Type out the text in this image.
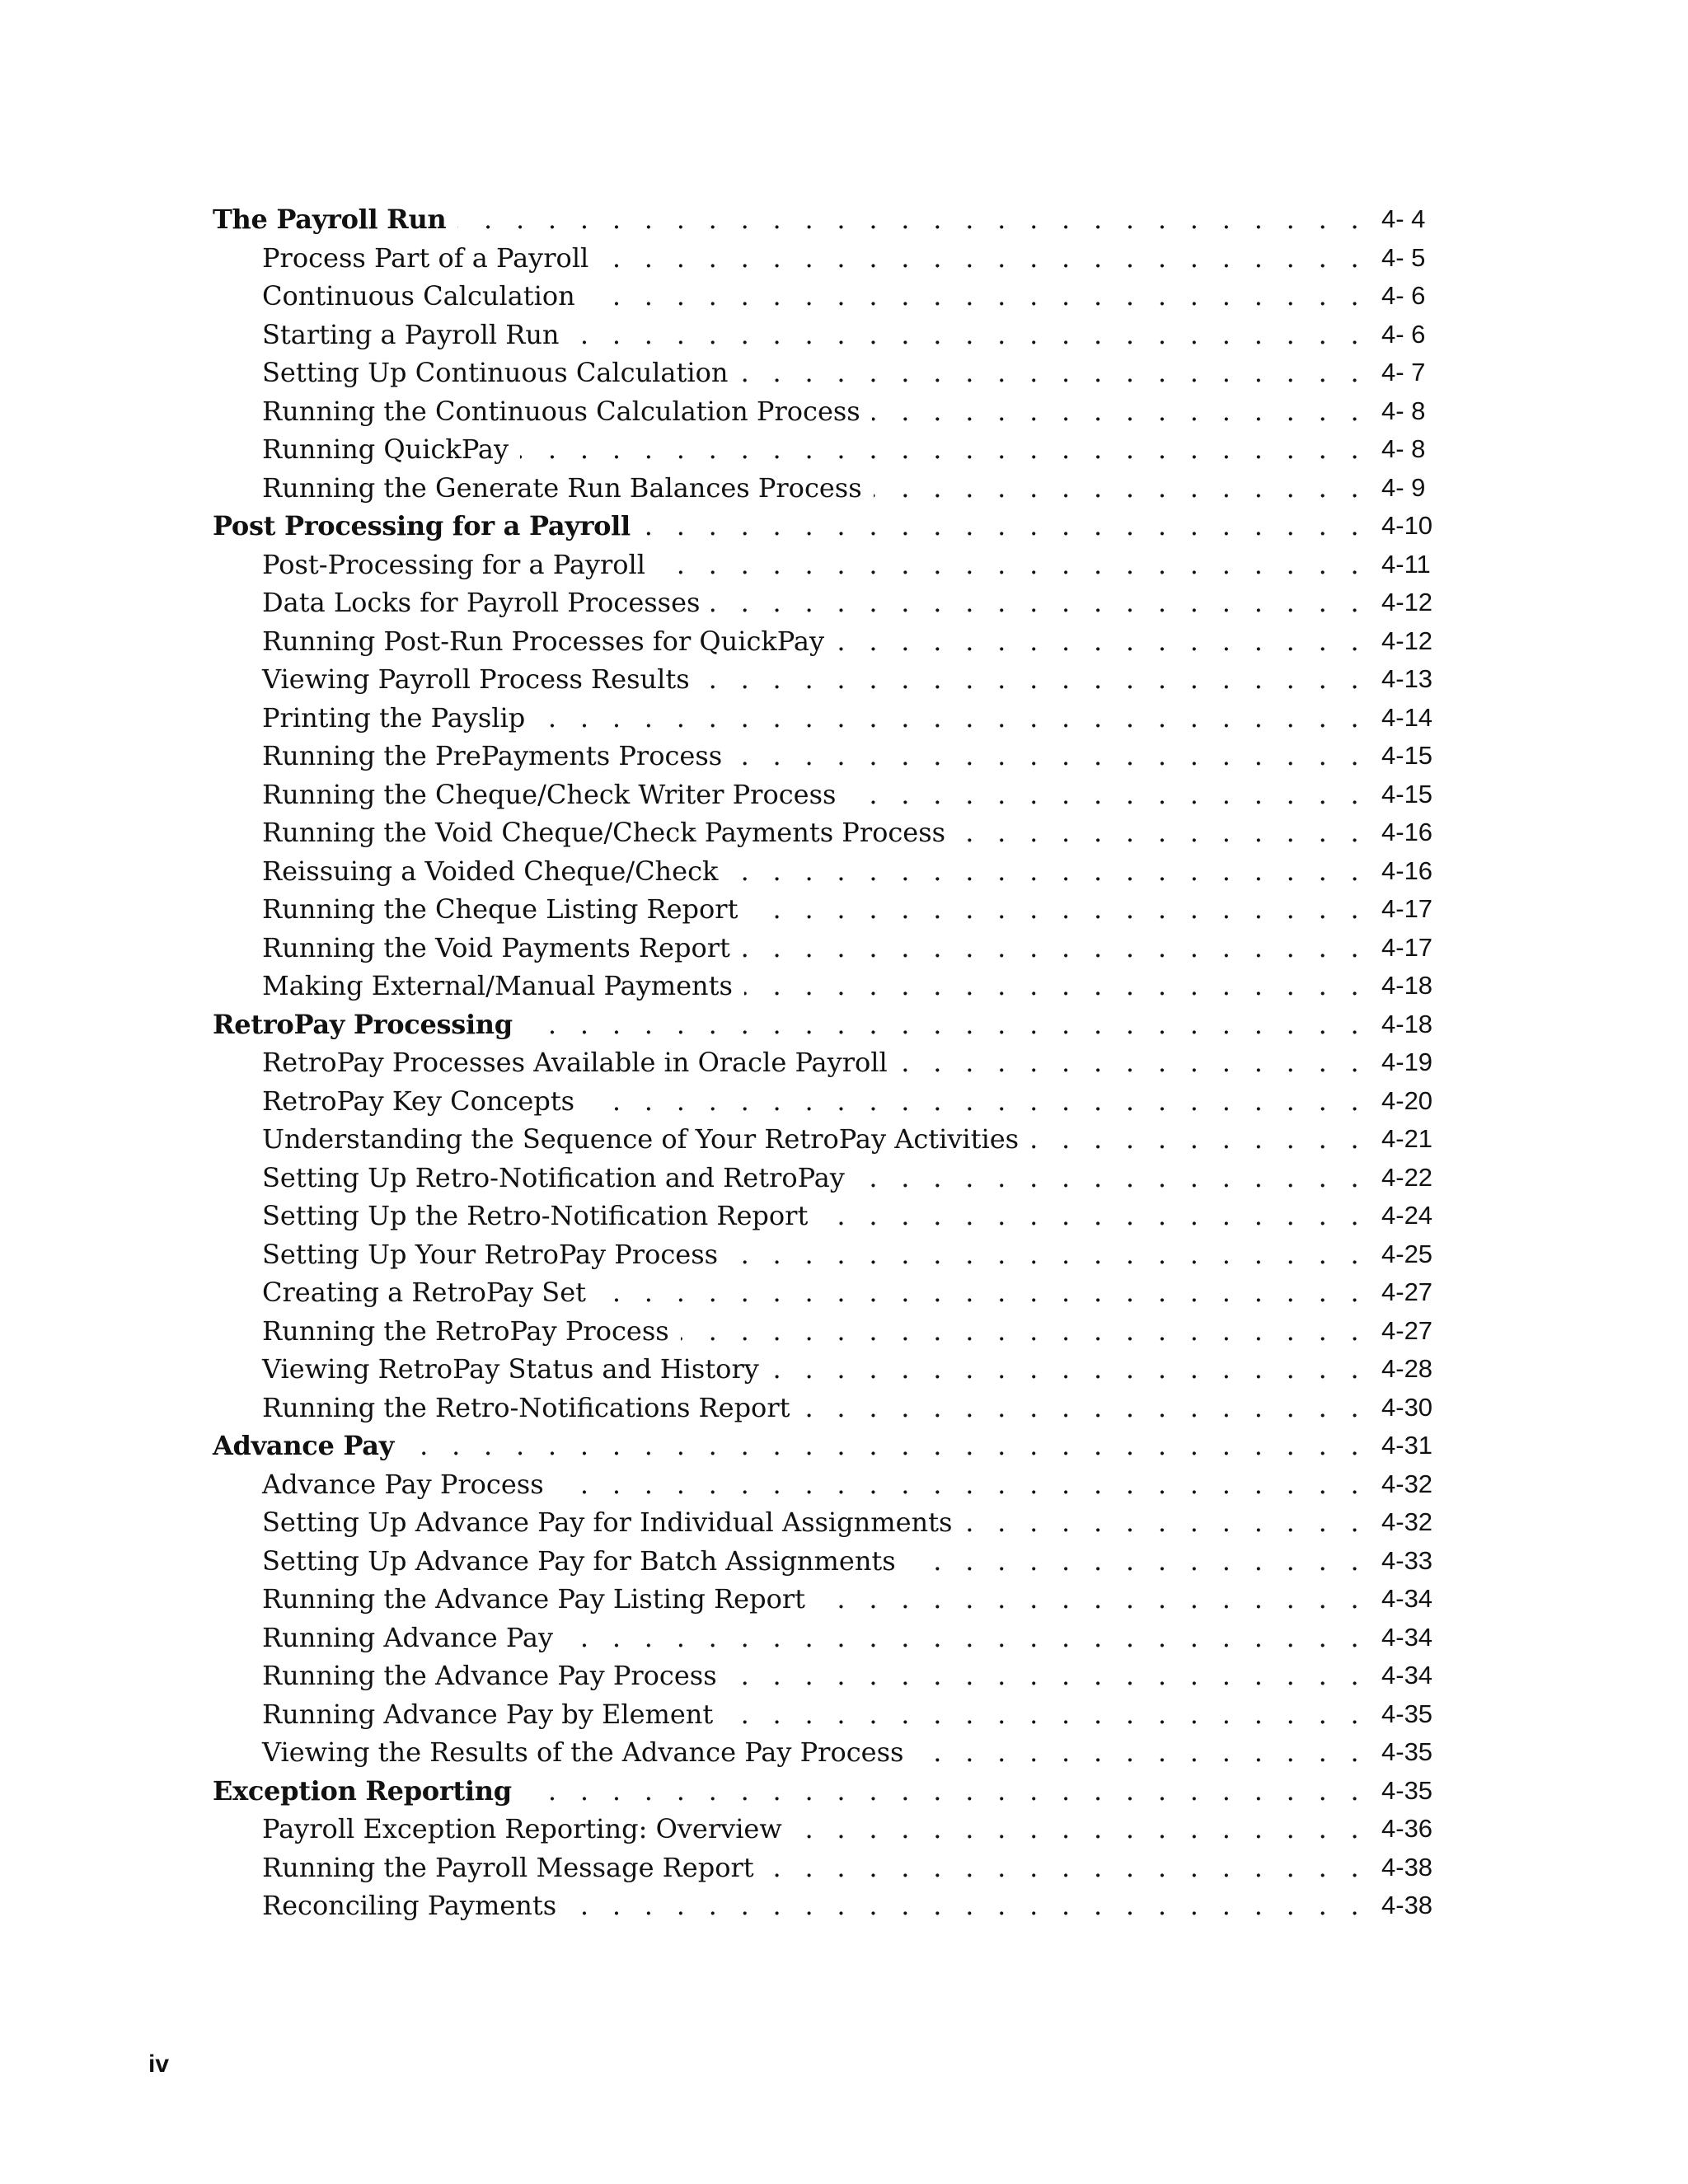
The Payroll Run . . .	4- 4
Process Part of a Payroll . . .	4- 5
Continuous Calculation . . .	4- 6
Starting a Payroll Run . . .	4- 6
Setting Up Continuous Calculation . . .	4- 7
Running the Continuous Calculation Process . . .	4- 8
Running QuickPay . . .	4- 8
Running the Generate Run Balances Process . . .	4- 9
Post Processing for a Payroll . . .	4-10
Post-Processing for a Payroll . . .	4-11
Data Locks for Payroll Processes . . .	4-12
Running Post-Run Processes for QuickPay . . .	4-12
Viewing Payroll Process Results . . .	4-13
Printing the Payslip . . .	4-14
Running the PrePayments Process . . .	4-15
Running the Cheque/Check Writer Process . . .	4-15
Running the Void Cheque/Check Payments Process . . .	4-16
Reissuing a Voided Cheque/Check . . .	4-16
Running the Cheque Listing Report . . .	4-17
Running the Void Payments Report . . .	4-17
Making External/Manual Payments . . .	4-18
RetroPay Processing . . .	4-18
RetroPay Processes Available in Oracle Payroll . . .	4-19
RetroPay Key Concepts . . .	4-20
Understanding the Sequence of Your RetroPay Activities . . .	4-21
Setting Up Retro-Notification and RetroPay . . .	4-22
Setting Up the Retro-Notification Report . . .	4-24
Setting Up Your RetroPay Process . . .	4-25
Creating a RetroPay Set . . .	4-27
Running the RetroPay Process . . .	4-27
Viewing RetroPay Status and History . . .	4-28
Running the Retro-Notifications Report . . .	4-30
Advance Pay . . .	4-31
Advance Pay Process . . .	4-32
Setting Up Advance Pay for Individual Assignments . . .	4-32
Setting Up Advance Pay for Batch Assignments . . .	4-33
Running the Advance Pay Listing Report . . .	4-34
Running Advance Pay . . .	4-34
Running the Advance Pay Process . . .	4-34
Running Advance Pay by Element . . .	4-35
Viewing the Results of the Advance Pay Process . . .	4-35
Exception Reporting . . .	4-35
Payroll Exception Reporting: Overview . . .	4-36
Running the Payroll Message Report . . .	4-38
Reconciling Payments . . .	4-38
iv
